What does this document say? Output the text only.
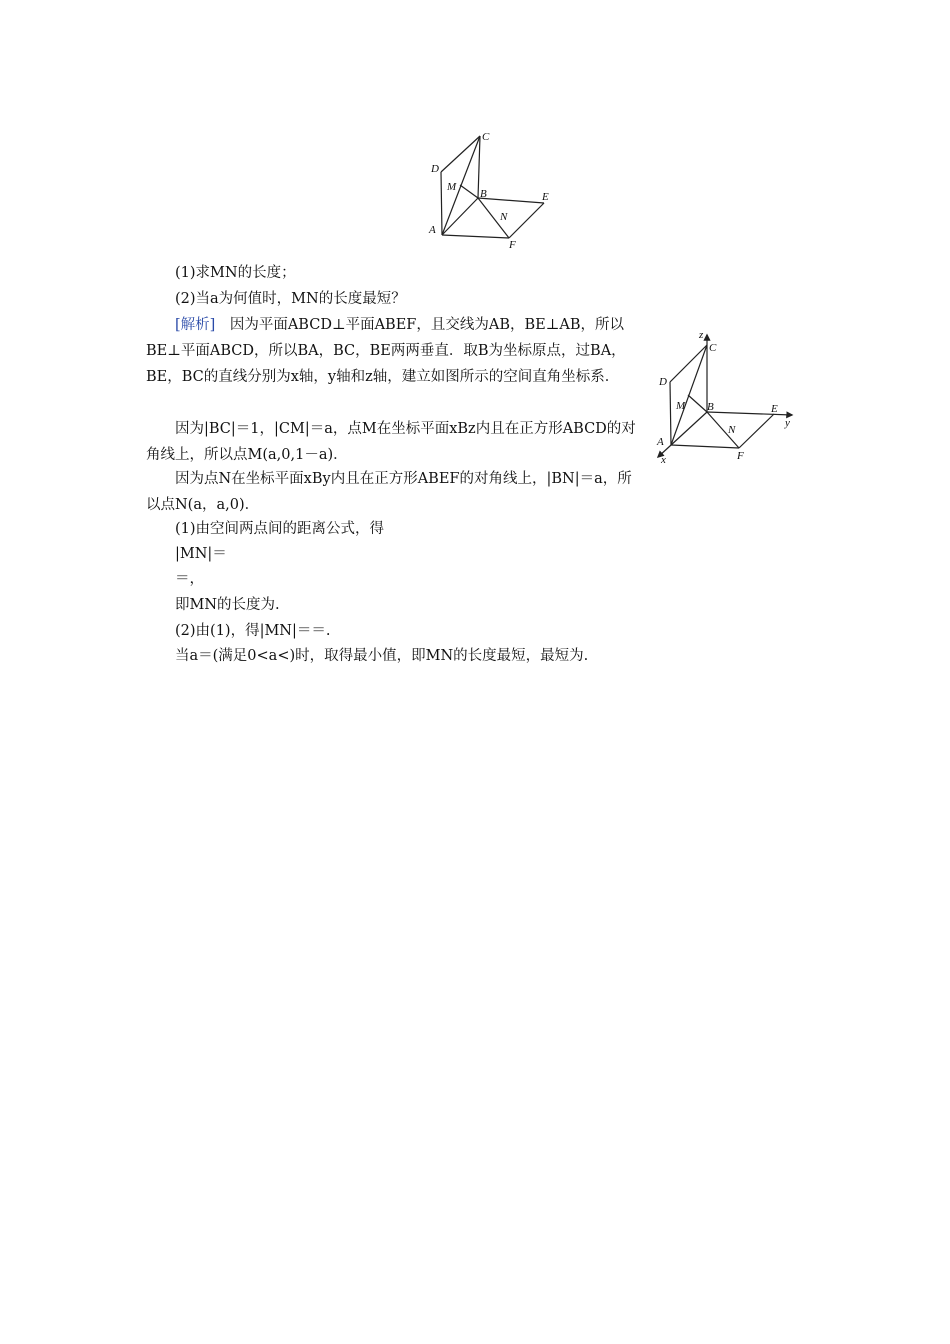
C
D
M
B	E
N
A
F
z
C
D
M B	E
y
N
A
F
x

(1)求MN的长度；

(2)当a为何值时，MN的长度最短？

[解析]  因为平面ABCD⊥平面ABEF，且交线为AB，BE⊥AB，所以BE⊥平面ABCD，所以BA，BC，BE两两垂直．取B为坐标原点，过BA，BE，BC的直线分别为x轴，y轴和z轴，建立如图所示的空间直角坐标系．

因为|BC|＝1，|CM|＝a，点M在坐标平面xBz内且在正方形ABCD的对角线上，所以点M(a,0,1－a)．

因为点N在坐标平面xBy内且在正方形ABEF的对角线上，|BN|＝a，所以点N(a，a,0)．

(1)由空间两点间的距离公式，得

|MN|＝

＝，

即MN的长度为.

(2)由(1)，得|MN|＝＝.

当a＝(满足0<a<)时，取得最小值，即MN的长度最短，最短为.
